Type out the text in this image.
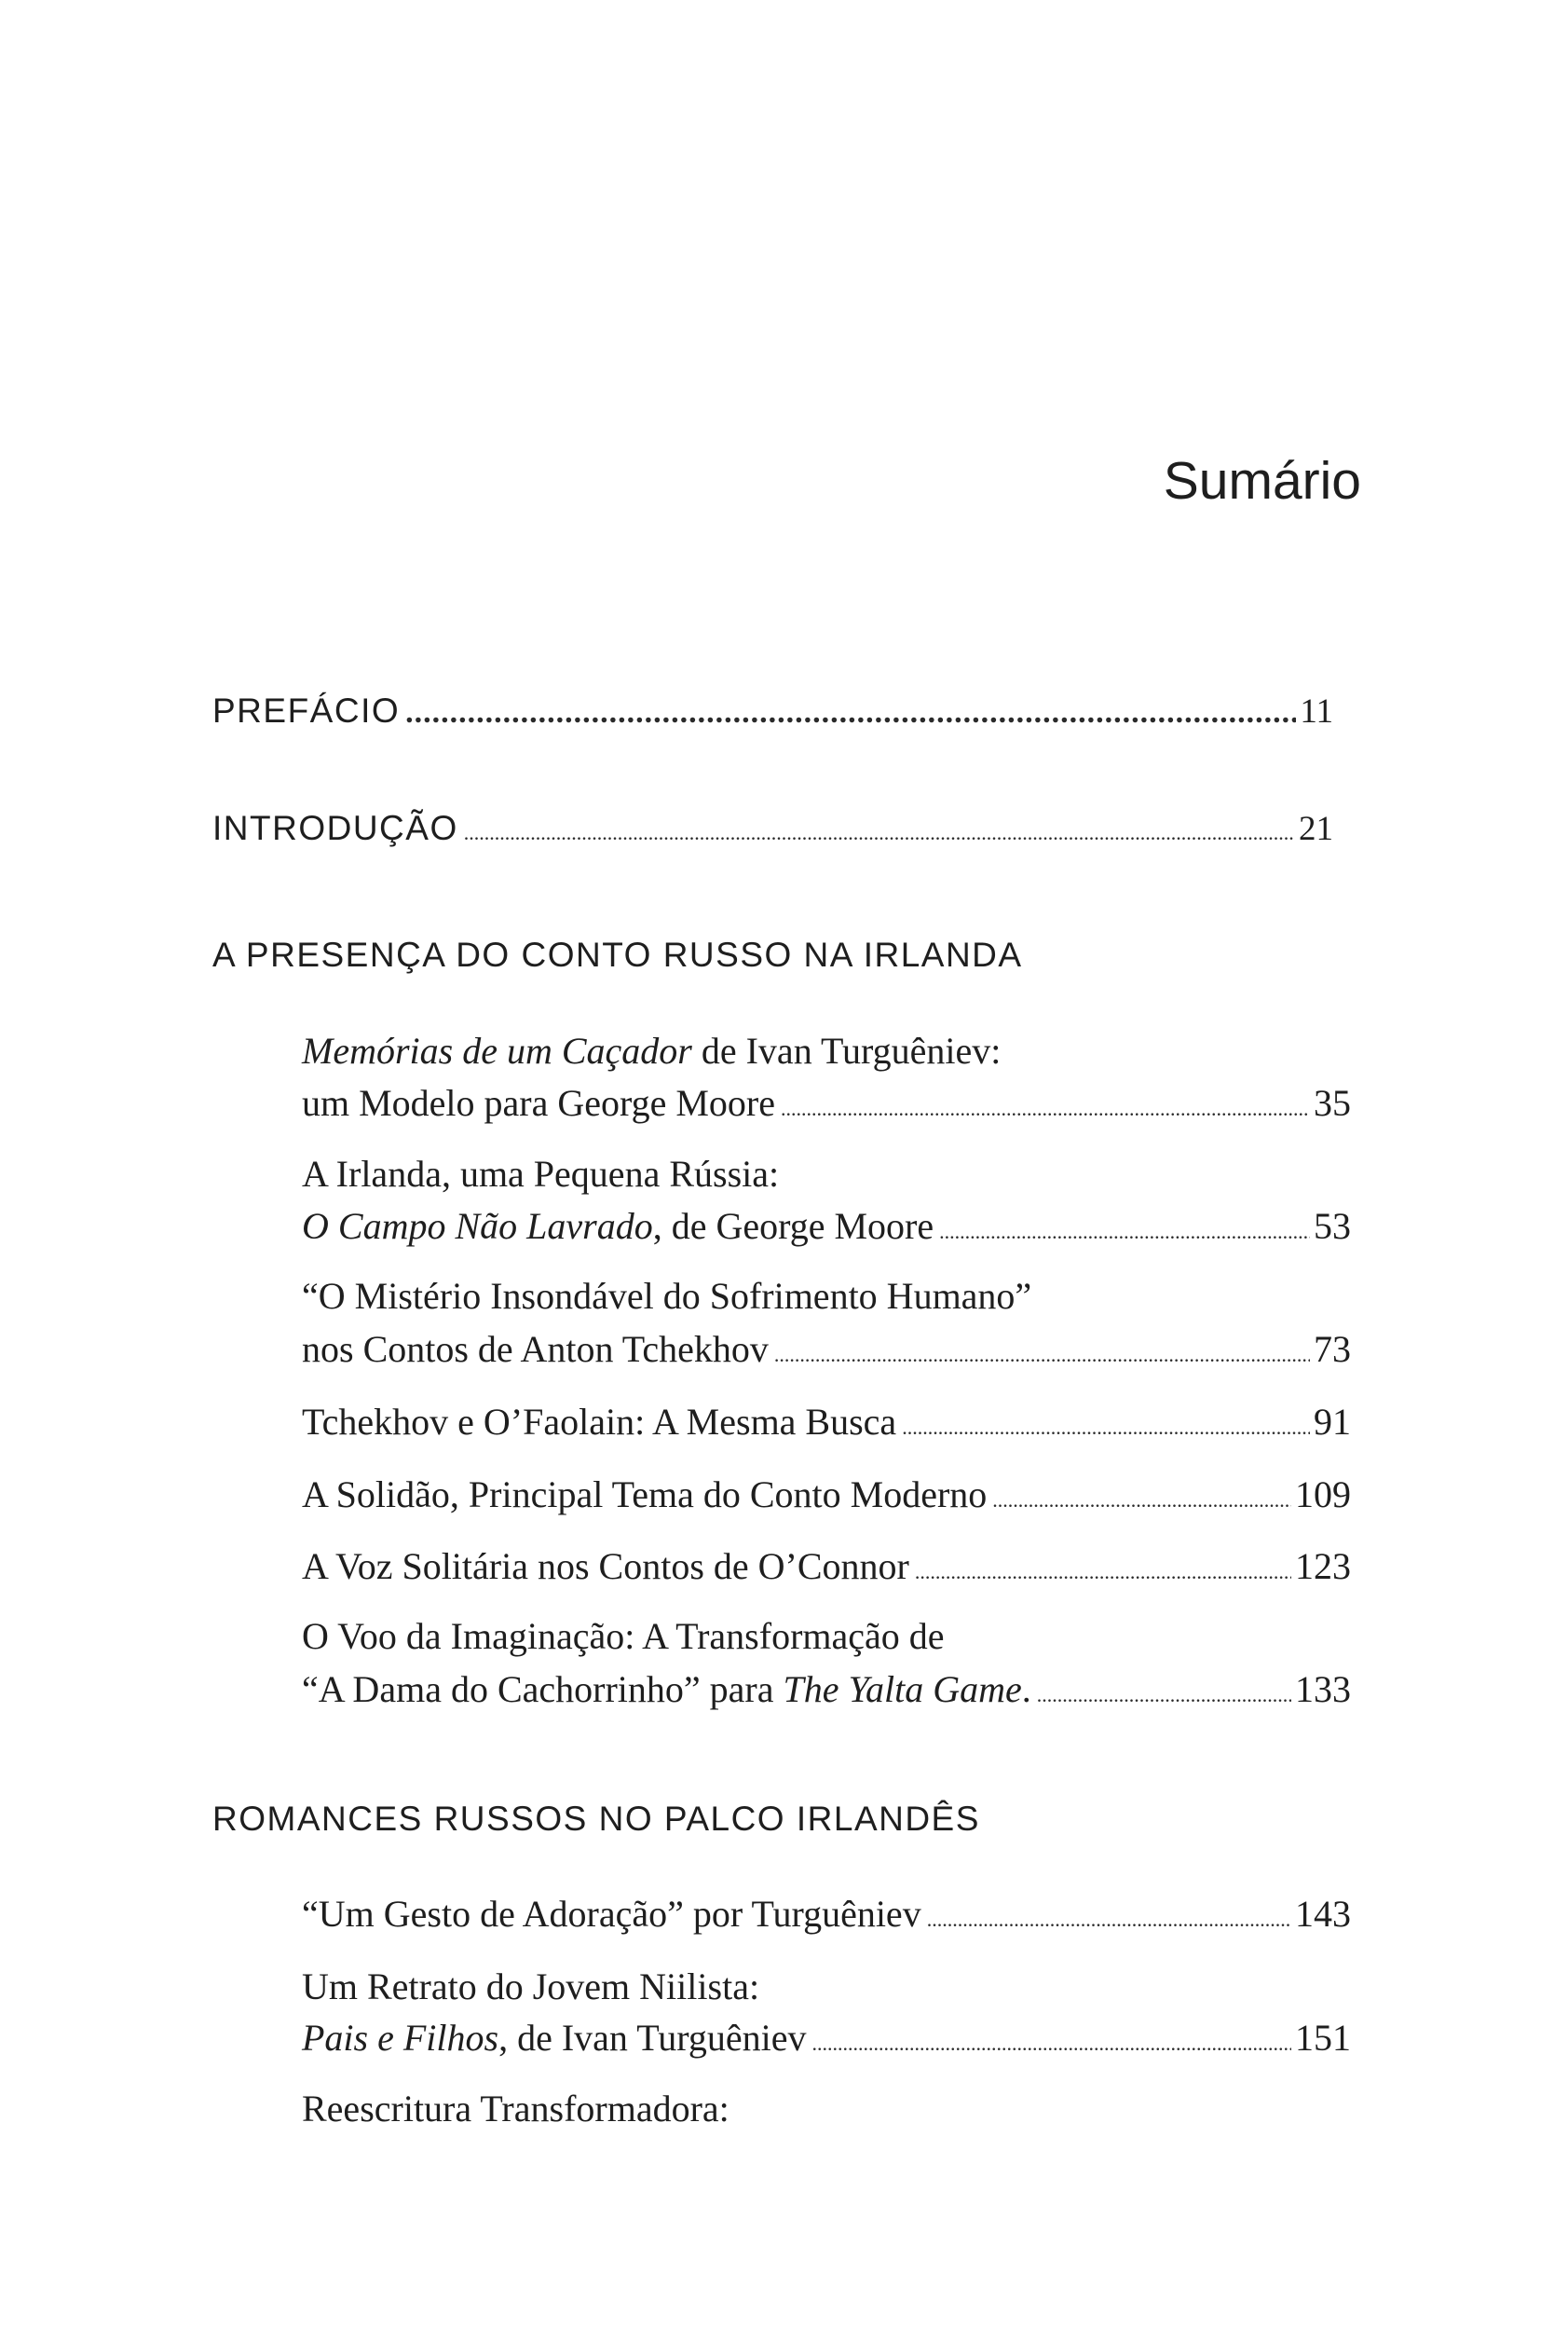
Sumário
PREFÁCIO .....	11
INTRODUÇÃO .....	21
A PRESENÇA DO CONTO RUSSO NA IRLANDA
Memórias de um Caçador de Ivan Turguêniev:
um Modelo para George Moore .....	35
A Irlanda, uma Pequena Rússia:
O Campo Não Lavrado, de George Moore .....	53
“O Mistério Insondável do Sofrimento Humano”
nos Contos de Anton Tchekhov .....	73
Tchekhov e O’Faolain: A Mesma Busca .....	91
A Solidão, Principal Tema do Conto Moderno .....	109
A Voz Solitária nos Contos de O’Connor .....	123
O Voo da Imaginação: A Transformação de
“A Dama do Cachorrinho” para The Yalta Game. .....	133
ROMANCES RUSSOS NO PALCO IRLANDÊS
“Um Gesto de Adoração” por Turguêniev .....	143
Um Retrato do Jovem Niilista:
Pais e Filhos, de Ivan Turguêniev .....	151
Reescritura Transformadora:
